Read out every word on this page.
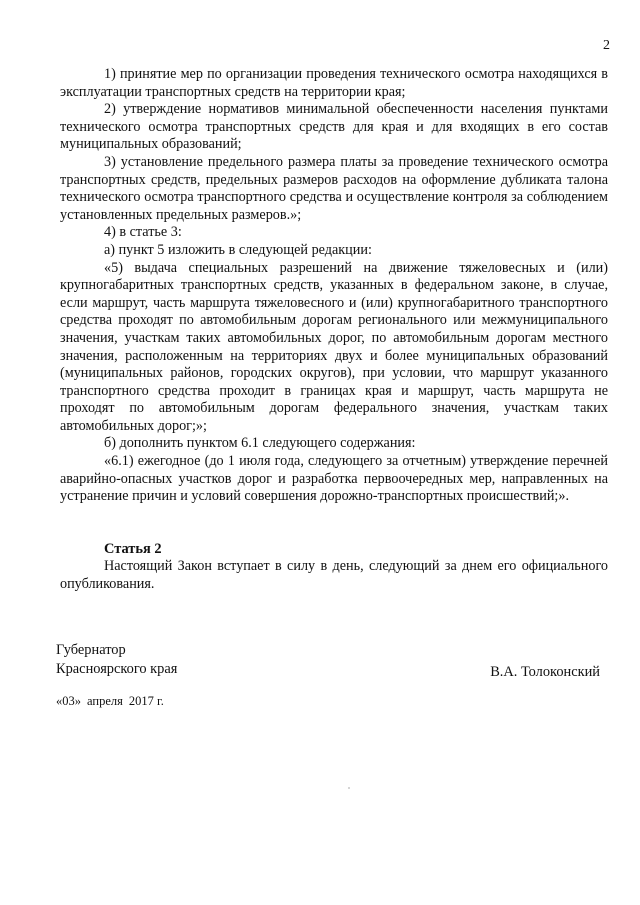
2

1) принятие мер по организации проведения технического осмотра находящихся в эксплуатации транспортных средств на территории края;

2) утверждение нормативов минимальной обеспеченности населения пунктами технического осмотра транспортных средств для края и для входящих в его состав муниципальных образований;

3) установление предельного размера платы за проведение технического осмотра транспортных средств, предельных размеров расходов на оформление дубликата талона технического осмотра транспортного средства и осуществление контроля за соблюдением установленных предельных размеров.»;

4) в статье 3:

а) пункт 5 изложить в следующей редакции:

«5) выдача специальных разрешений на движение тяжеловесных и (или) крупногабаритных транспортных средств, указанных в федеральном законе, в случае, если маршрут, часть маршрута тяжеловесного и (или) крупногабаритного транспортного средства проходят по автомобильным дорогам регионального или межмуниципального значения, участкам таких автомобильных дорог, по автомобильным дорогам местного значения, расположенным на территориях двух и более муниципальных образований (муниципальных районов, городских округов), при условии, что маршрут указанного транспортного средства проходит в границах края и маршрут, часть маршрута не проходят по автомобильным дорогам федерального значения, участкам таких автомобильных дорог;»;

б) дополнить пунктом 6.1 следующего содержания:

«6.1) ежегодное (до 1 июля года, следующего за отчетным) утверждение перечней аварийно-опасных участков дорог и разработка первоочередных мер, направленных на устранение причин и условий совершения дорожно-транспортных происшествий;».

Статья 2
Настоящий Закон вступает в силу в день, следующий за днем его официального опубликования.
Губернатор
Красноярского края	В.А. Толоконский
«03» апреля 2017 г.
